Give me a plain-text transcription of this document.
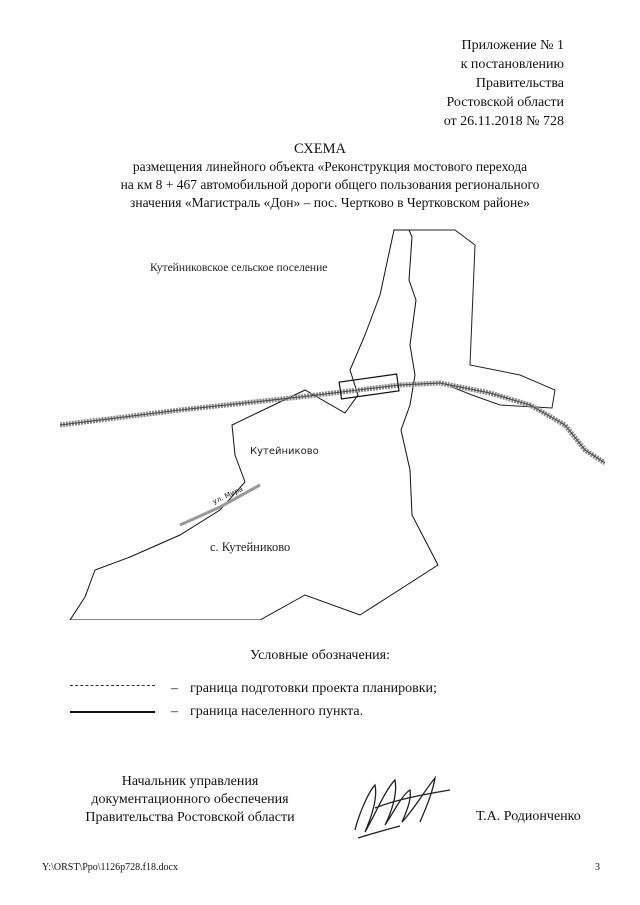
Приложение № 1
к постановлению
Правительства
Ростовской области
от 26.11.2018 № 728
СХЕМА
размещения линейного объекта «Реконструкция мостового перехода
на км 8 + 467 автомобильной дороги общего пользования регионального
значения «Магистраль «Дон» – пос. Чертково в Чертковском районе»
Кутейниковское сельское поселение
Кутейниково
ул. Мира
с. Кутейниково
Условные обозначения:
– граница подготовки проекта планировки;
– граница населенного пункта.
Начальник управления
документационного обеспечения
Правительства Ростовской области	Т.А. Родионченко
Y:\ORST\Ppo\1126p728.f18.docx	3
